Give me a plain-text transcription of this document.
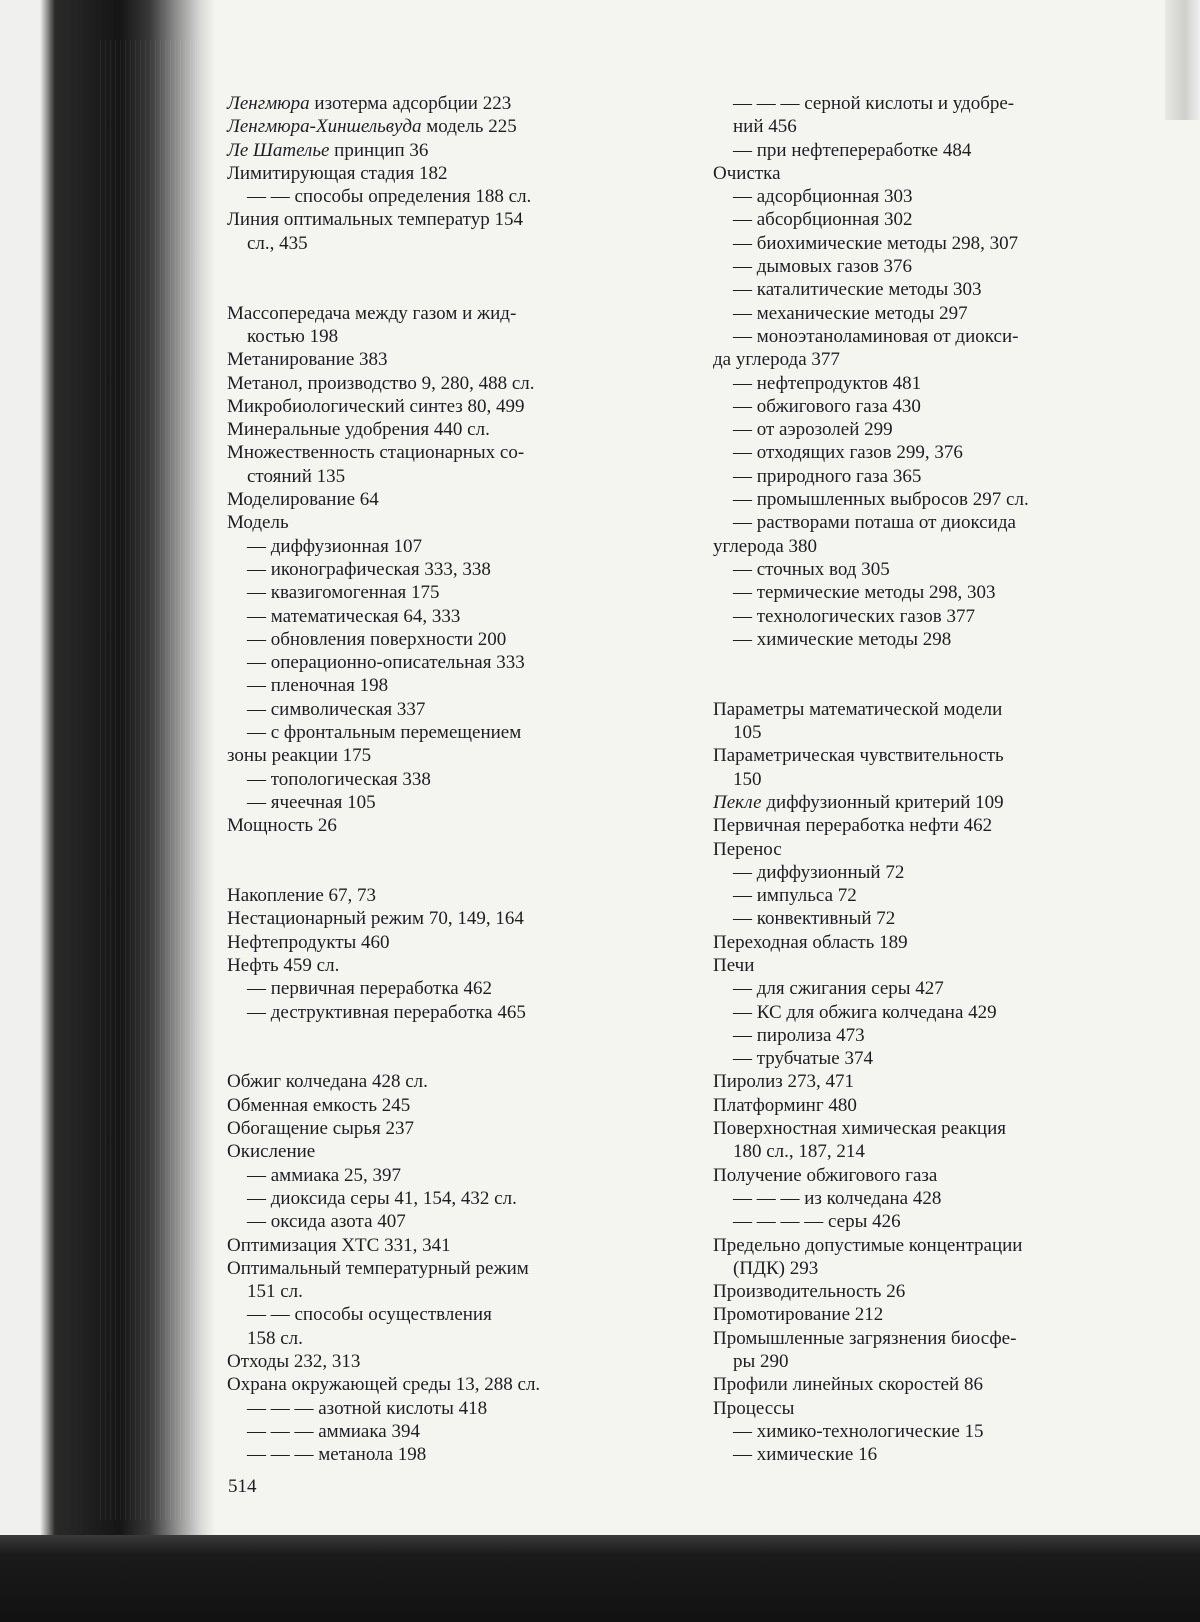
Ленгмюра изотерма адсорбции 223
Ленгмюра-Хиншельвуда модель 225
Ле Шателье принцип 36
Лимитирующая стадия 182
— — способы определения 188 сл.
Линия оптимальных температур 154
сл., 435
Массопередача между газом и жид-
костью 198
Метанирование 383
Метанол, производство 9, 280, 488 сл.
Микробиологический синтез 80, 499
Минеральные удобрения 440 сл.
Множественность стационарных со-
стояний 135
Моделирование 64
Модель
— диффузионная 107
— иконографическая 333, 338
— квазигомогенная 175
— математическая 64, 333
— обновления поверхности 200
— операционно-описательная 333
— пленочная 198
— символическая 337
— с фронтальным перемещением
зоны реакции 175
— топологическая 338
— ячеечная 105
Мощность 26
Накопление 67, 73
Нестационарный режим 70, 149, 164
Нефтепродукты 460
Нефть 459 сл.
— первичная переработка 462
— деструктивная переработка 465
Обжиг колчедана 428 сл.
Обменная емкость 245
Обогащение сырья 237
Окисление
— аммиака 25, 397
— диоксида серы 41, 154, 432 сл.
— оксида азота 407
Оптимизация ХТС 331, 341
Оптимальный температурный режим
151 сл.
— — способы осуществления
158 сл.
Отходы 232, 313
Охрана окружающей среды 13, 288 сл.
— — — азотной кислоты 418
— — — аммиака 394
— — — метанола 198
— — — серной кислоты и удобре-
ний 456
— при нефтепереработке 484
Очистка
— адсорбционная 303
— абсорбционная 302
— биохимические методы 298, 307
— дымовых газов 376
— каталитические методы 303
— механические методы 297
— моноэтаноламиновая от диокси-
да углерода 377
— нефтепродуктов 481
— обжигового газа 430
— от аэрозолей 299
— отходящих газов 299, 376
— природного газа 365
— промышленных выбросов 297 сл.
— растворами поташа от диоксида
углерода 380
— сточных вод 305
— термические методы 298, 303
— технологических газов 377
— химические методы 298
Параметры математической модели
105
Параметрическая чувствительность
150
Пекле диффузионный критерий 109
Первичная переработка нефти 462
Перенос
— диффузионный 72
— импульса 72
— конвективный 72
Переходная область 189
Печи
— для сжигания серы 427
— КС для обжига колчедана 429
— пиролиза 473
— трубчатые 374
Пиролиз 273, 471
Платформинг 480
Поверхностная химическая реакция
180 сл., 187, 214
Получение обжигового газа
— — — из колчедана 428
— — — — серы 426
Предельно допустимые концентрации
(ПДК) 293
Производительность 26
Промотирование 212
Промышленные загрязнения биосфе-
ры 290
Профили линейных скоростей 86
Процессы
— химико-технологические 15
— химические 16
514
